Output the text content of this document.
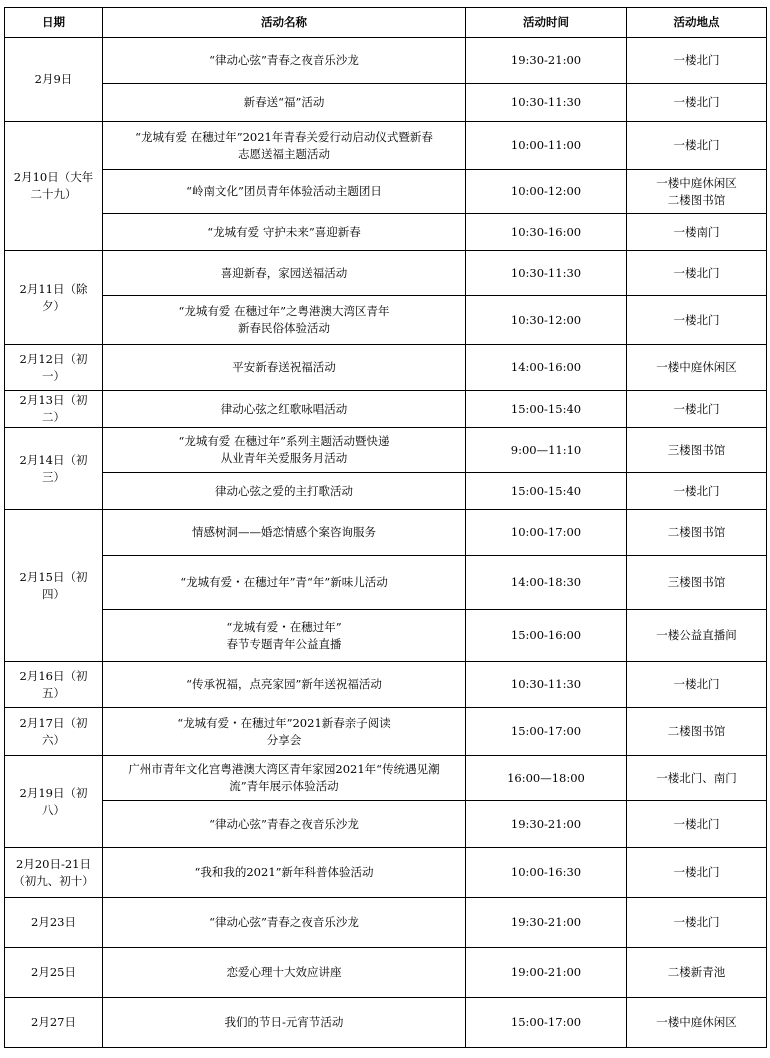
日期	活动名称	活动时间	活动地点

2月9日	“律动心弦”青春之夜音乐沙龙	19:30-21:00	一楼北门

	新春送“福”活动	10:30-11:30	一楼北门

2月10日（大年
二十九）	“龙城有爱 在穗过年”2021年青春关爱行动启动仪式暨新春
志愿送福主题活动	10:00-11:00	一楼北门

	“岭南文化”团员青年体验活动主题团日	10:00-12:00	一楼中庭休闲区
二楼图书馆

	“龙城有爱 守护未来”喜迎新春	10:30-16:00	一楼南门

2月11日（除
夕）	喜迎新春，家园送福活动	10:30-11:30	一楼北门

	“龙城有爱 在穗过年”之粤港澳大湾区青年
新春民俗体验活动	10:30-12:00	一楼北门

2月12日（初
一）	平安新春送祝福活动	14:00-16:00	一楼中庭休闲区

2月13日（初
二）	律动心弦之红歌咏唱活动	15:00-15:40	一楼北门

2月14日（初
三）	“龙城有爱 在穗过年”系列主题活动暨快递
从业青年关爱服务月活动	9:00—11:10	三楼图书馆

	律动心弦之爱的主打歌活动	15:00-15:40	一楼北门

2月15日（初
四）	情感树洞——婚恋情感个案咨询服务	10:00-17:00	二楼图书馆

	“龙城有爱・在穗过年”青“年”新味儿活动	14:00-18:30	三楼图书馆

	“龙城有爱・在穗过年”
春节专题青年公益直播	15:00-16:00	一楼公益直播间

2月16日（初
五）	“传承祝福，点亮家园”新年送祝福活动	10:30-11:30	一楼北门

2月17日（初
六）	“龙城有爱・在穗过年”2021新春亲子阅读
分享会	15:00-17:00	二楼图书馆

2月19日（初
八）	广州市青年文化宫粤港澳大湾区青年家园2021年“传统遇见潮
流”青年展示体验活动	16:00—18:00	一楼北门、南门

	“律动心弦”青春之夜音乐沙龙	19:30-21:00	一楼北门

2月20日-21日
（初九、初十）	“我和我的2021”新年科普体验活动	10:00-16:30	一楼北门

2月23日	“律动心弦”青春之夜音乐沙龙	19:30-21:00	一楼北门

2月25日	恋爱心理十大效应讲座	19:00-21:00	二楼新青池

2月27日	我们的节日-元宵节活动	15:00-17:00	一楼中庭休闲区
